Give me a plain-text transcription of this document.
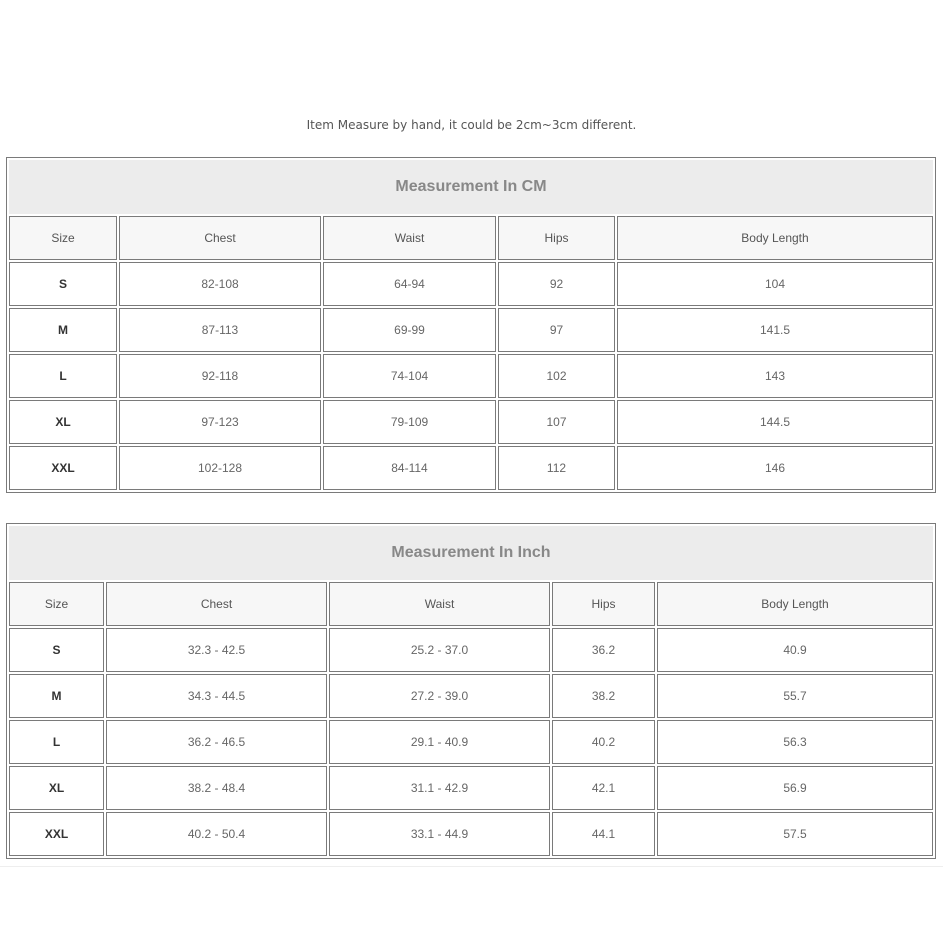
Item Measure by hand, it could be 2cm~3cm different.
Measurement In CM				
Size	Chest	Waist	Hips	Body Length
S	82-108	64-94	92	104
M	87-113	69-99	97	141.5
L	92-118	74-104	102	143
XL	97-123	79-109	107	144.5
XXL	102-128	84-114	112	146
Measurement In Inch				
Size	Chest	Waist	Hips	Body Length
S	32.3 - 42.5	25.2 - 37.0	36.2	40.9
M	34.3 - 44.5	27.2 - 39.0	38.2	55.7
L	36.2 - 46.5	29.1 - 40.9	40.2	56.3
XL	38.2 - 48.4	31.1 - 42.9	42.1	56.9
XXL	40.2 - 50.4	33.1 - 44.9	44.1	57.5
